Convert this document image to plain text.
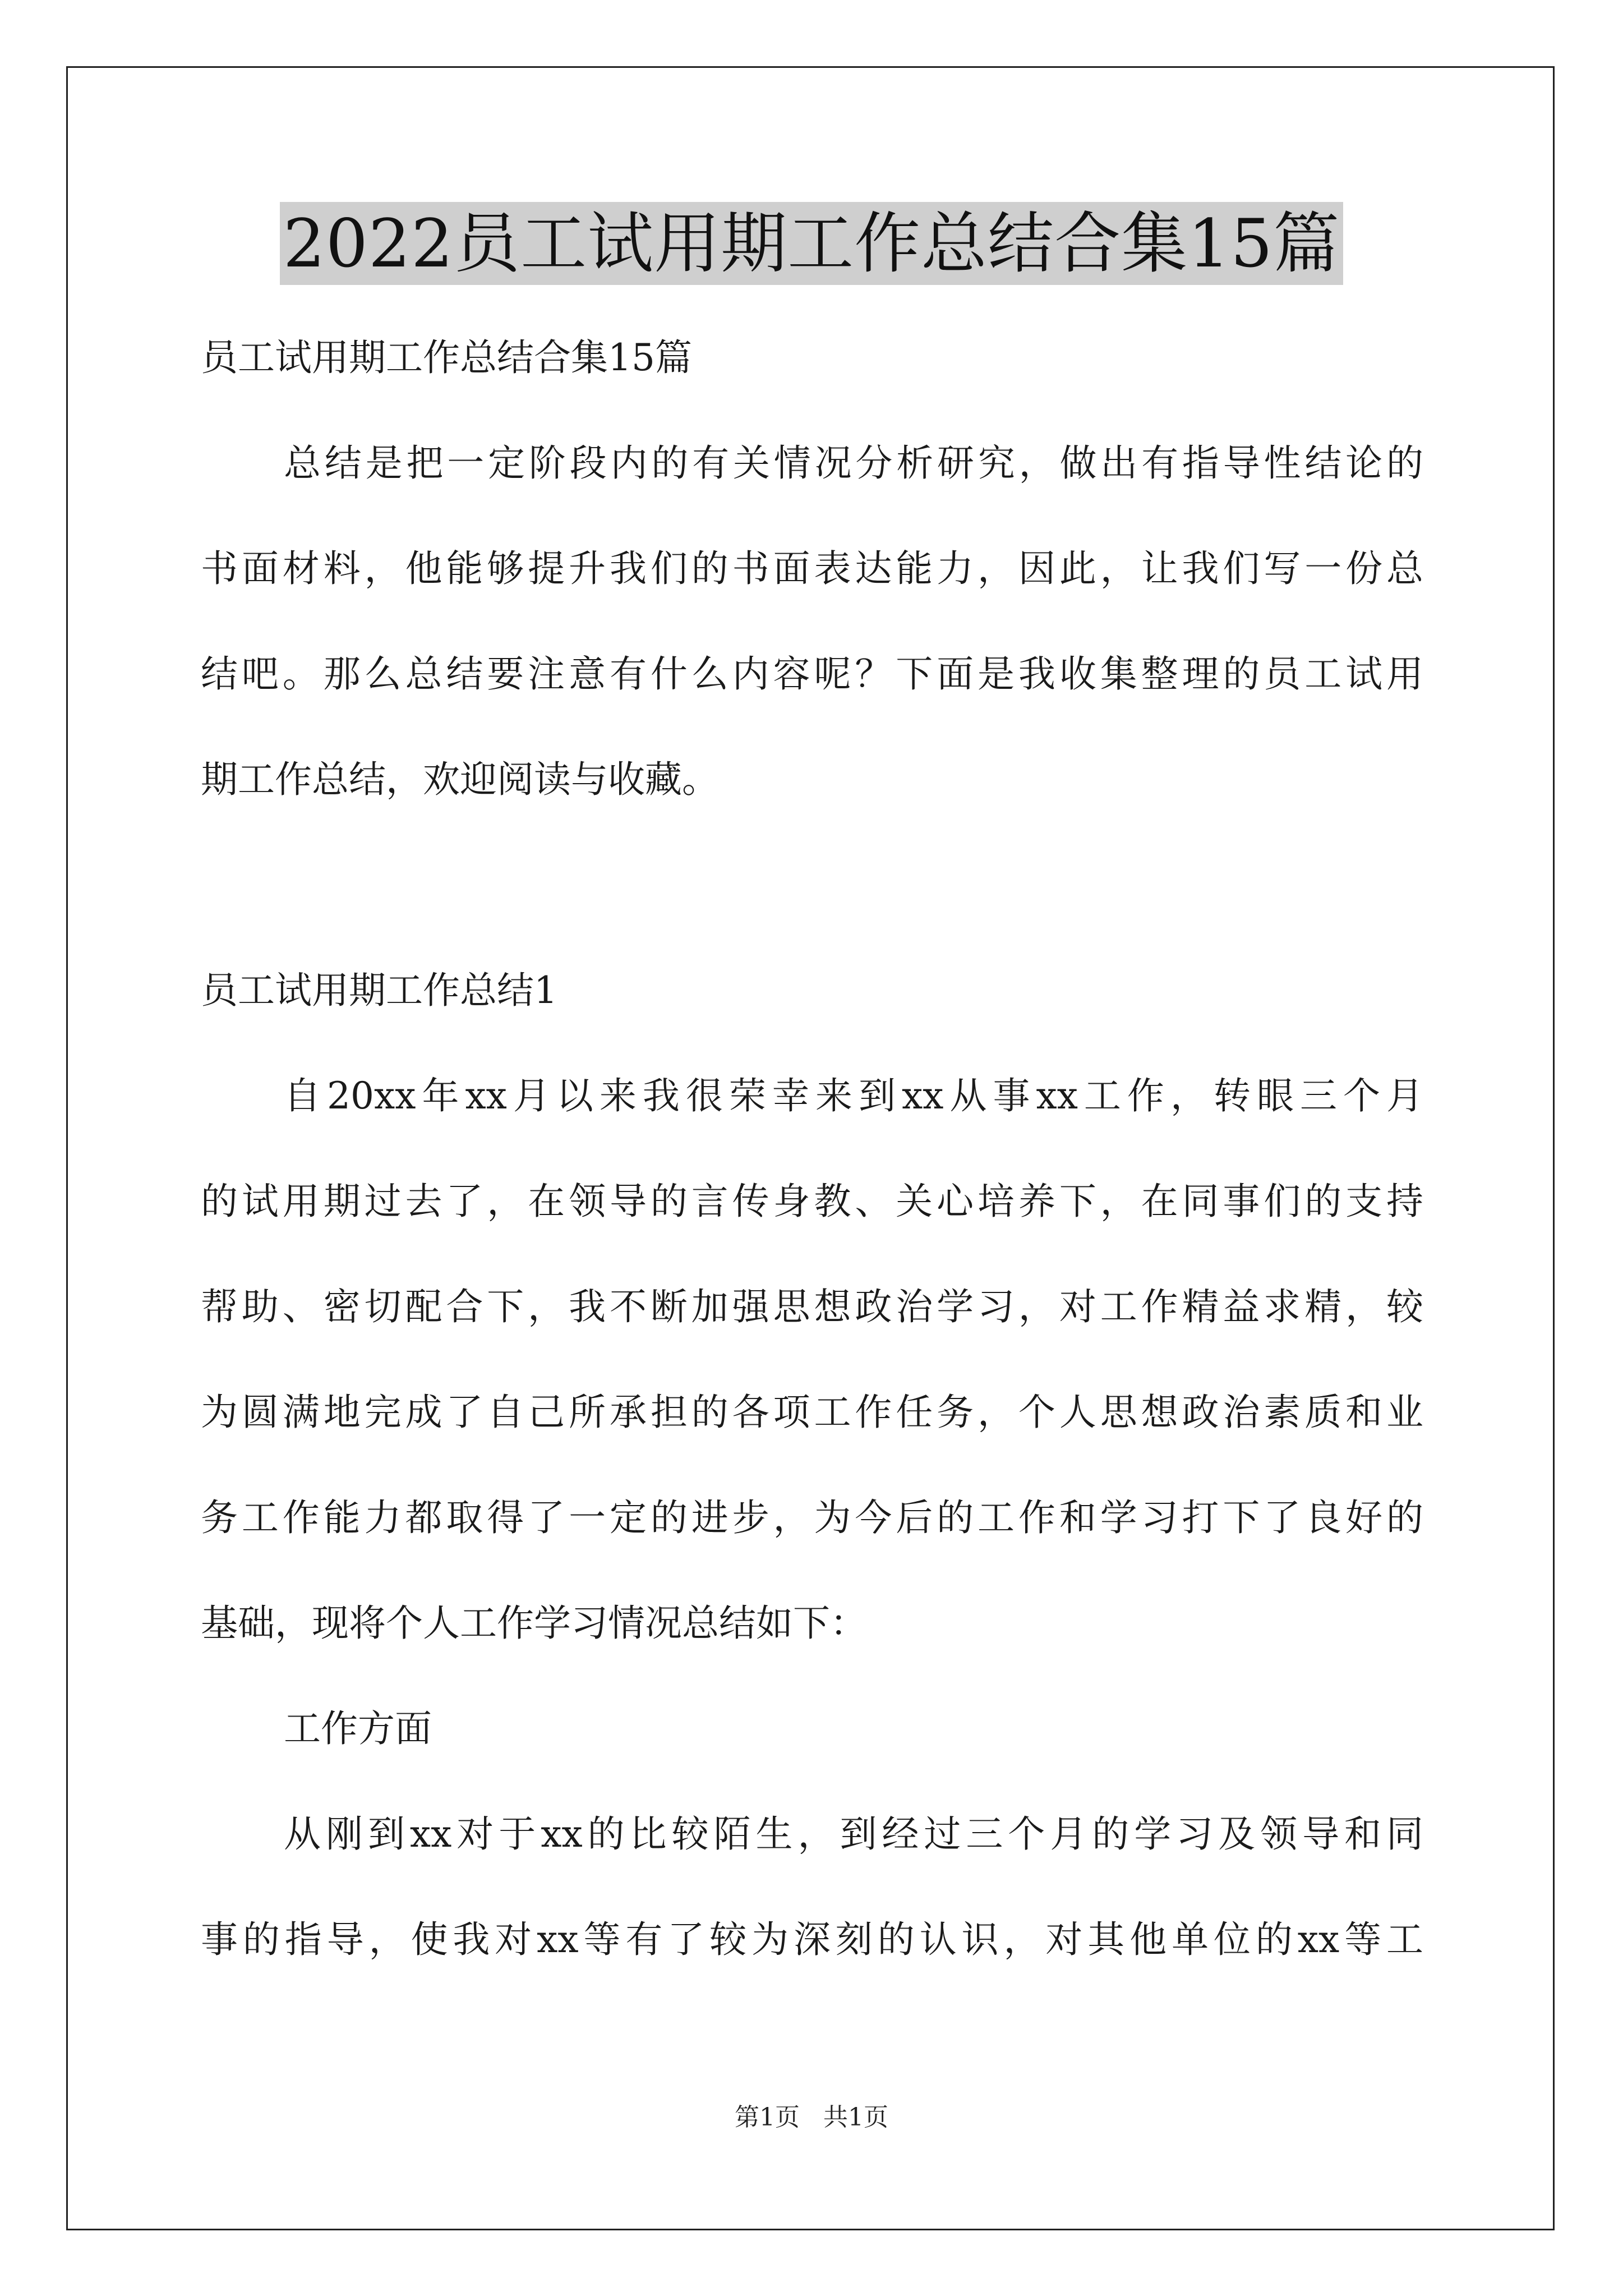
2022员工试用期工作总结合集15篇
员工试用期工作总结合集15篇
总结是把一定阶段内的有关情况分析研究，做出有指导性结论的
书面材料，他能够提升我们的书面表达能力，因此，让我们写一份总
结吧。那么总结要注意有什么内容呢？下面是我收集整理的员工试用
期工作总结，欢迎阅读与收藏。
员工试用期工作总结1
自20xx年xx月以来我很荣幸来到xx从事xx工作，转眼三个月
的试用期过去了，在领导的言传身教、关心培养下，在同事们的支持
帮助、密切配合下，我不断加强思想政治学习，对工作精益求精，较
为圆满地完成了自己所承担的各项工作任务，个人思想政治素质和业
务工作能力都取得了一定的进步，为今后的工作和学习打下了良好的
基础，现将个人工作学习情况总结如下：
工作方面
从刚到xx对于xx的比较陌生，到经过三个月的学习及领导和同
事的指导，使我对xx等有了较为深刻的认识，对其他单位的xx等工
第1页   共1页
